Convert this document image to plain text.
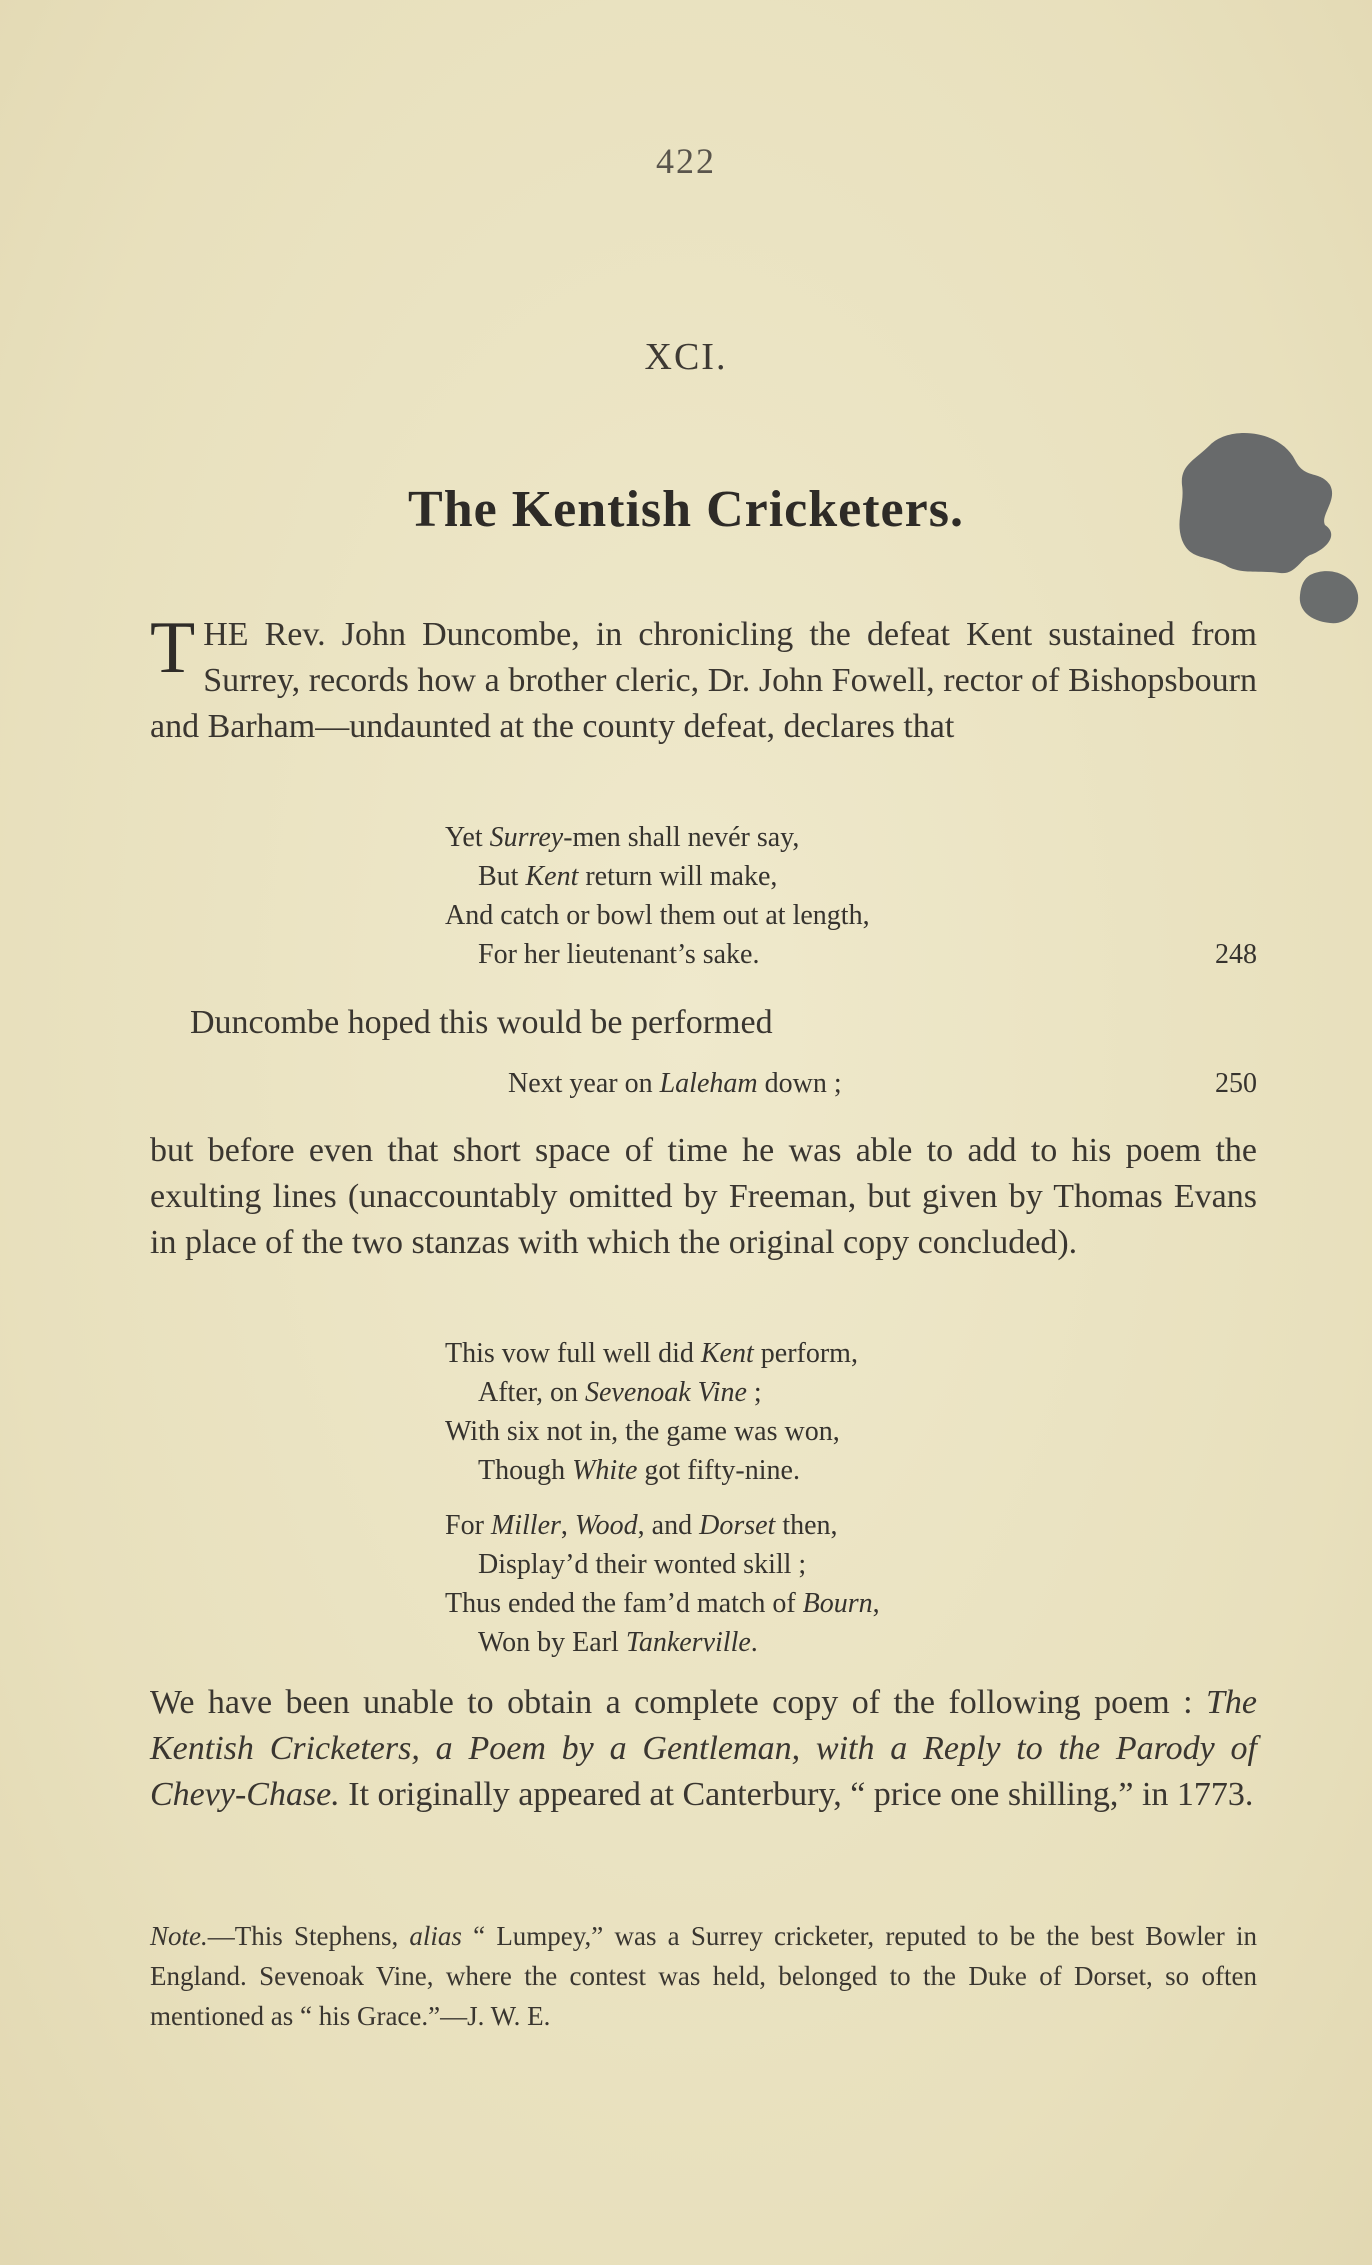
422
XCI.
The Kentish Cricketers.
THE Rev. John Duncombe, in chronicling the defeat Kent sustained from Surrey, records how a brother cleric, Dr. John Fowell, rector of Bishopsbourn and Barham—undaunted at the county defeat, declares that
Yet Surrey-men shall nevér say,
But Kent return will make,
And catch or bowl them out at length,
For her lieutenant’s sake.	248
Duncombe hoped this would be performed
Next year on Laleham down ;	250
but before even that short space of time he was able to add to his poem the exulting lines (unaccountably omitted by Freeman, but given by Thomas Evans in place of the two stanzas with which the original copy concluded).
This vow full well did Kent perform,
After, on Sevenoak Vine ;
With six not in, the game was won,
Though White got fifty-nine.
For Miller, Wood, and Dorset then,
Display’d their wonted skill ;
Thus ended the fam’d match of Bourn,
Won by Earl Tankerville.
We have been unable to obtain a complete copy of the following poem : The Kentish Cricketers, a Poem by a Gentleman, with a Reply to the Parody of Chevy-Chase. It originally appeared at Canterbury, “ price one shilling,” in 1773.
Note.—This Stephens, alias “ Lumpey,” was a Surrey cricketer, reputed to be the best Bowler in England. Sevenoak Vine, where the contest was held, belonged to the Duke of Dorset, so often mentioned as “ his Grace.”—J. W. E.
